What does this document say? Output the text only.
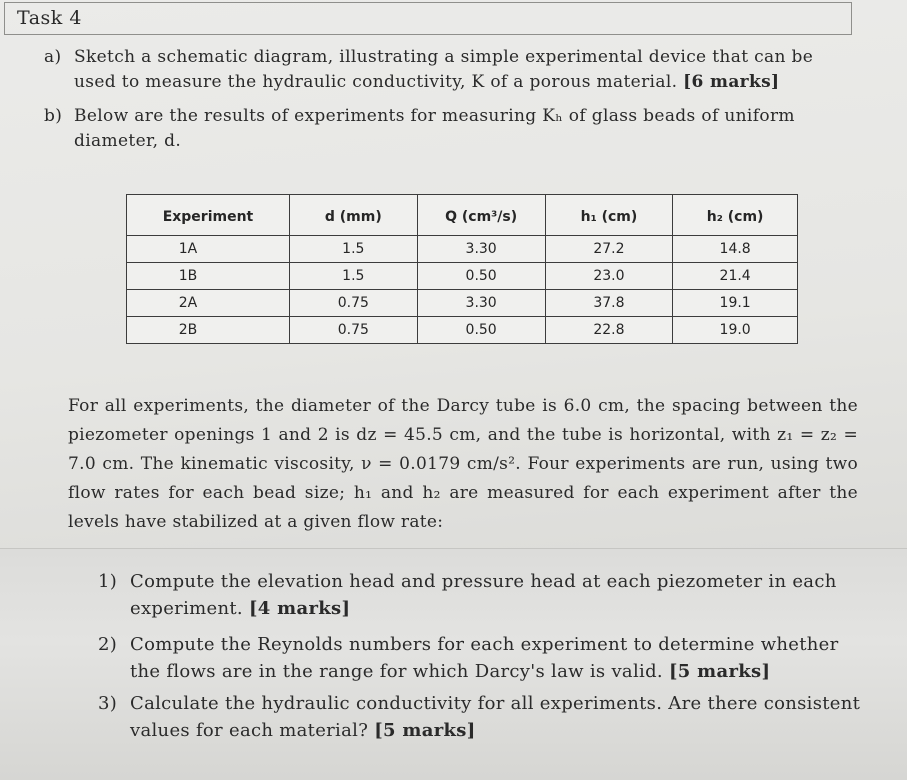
Task 4
a) Sketch a schematic diagram, illustrating a simple experimental device that can be
used to measure the hydraulic conductivity, K of a porous material. [6 marks]
b) Below are the results of experiments for measuring Kₕ of glass beads of uniform
diameter, d.
Experiment	d (mm)	Q (cm³/s)	h₁ (cm)	h₂ (cm)
1A	1.5	3.30	27.2	14.8
1B	1.5	0.50	23.0	21.4
2A	0.75	3.30	37.8	19.1
2B	0.75	0.50	22.8	19.0
For all experiments, the diameter of the Darcy tube is 6.0 cm, the spacing between the piezometer openings 1 and 2 is dz = 45.5 cm, and the tube is horizontal, with z₁ = z₂ = 7.0 cm. The kinematic viscosity, ν = 0.0179 cm/s². Four experiments are run, using two flow rates for each bead size; h₁ and h₂ are measured for each experiment after the levels have stabilized at a given flow rate:
1) Compute the elevation head and pressure head at each piezometer in each experiment. [4 marks]
2) Compute the Reynolds numbers for each experiment to determine whether the flows are in the range for which Darcy's law is valid. [5 marks]
3) Calculate the hydraulic conductivity for all experiments. Are there consistent values for each material? [5 marks]
